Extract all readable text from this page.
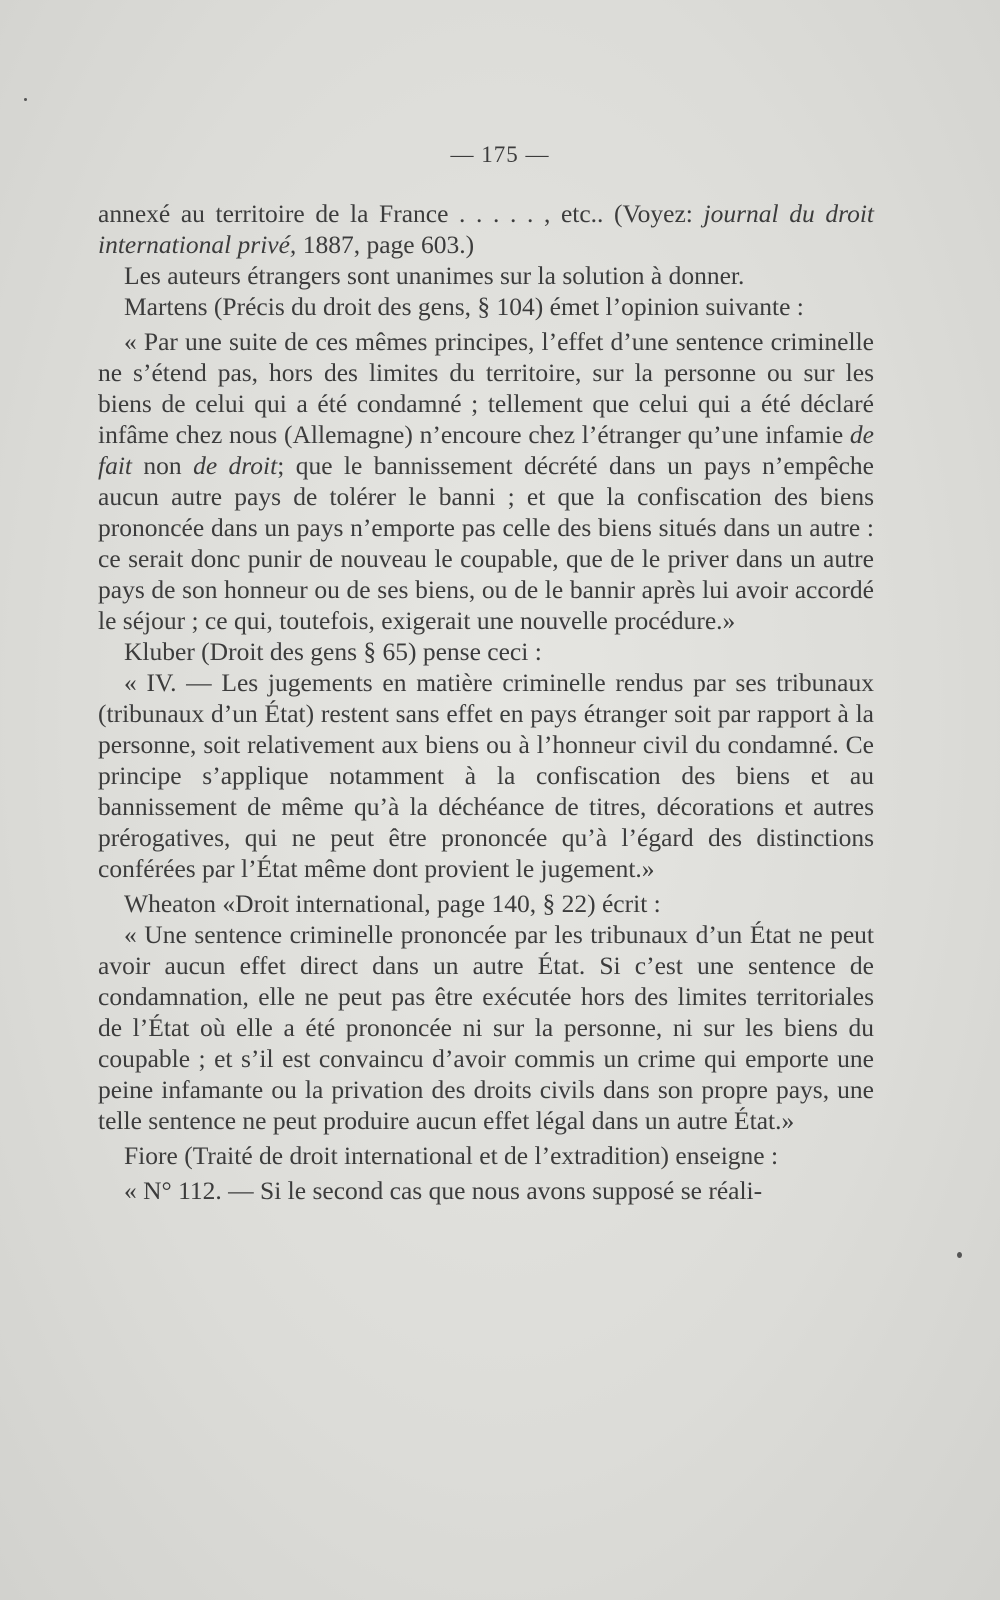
— 175 —

annexé au territoire de la France . . . . . , etc.. (Voyez: journal du droit international privé, 1887, page 603.)

Les auteurs étrangers sont unanimes sur la solution à donner.

Martens (Précis du droit des gens, § 104) émet l’opinion suivante :

« Par une suite de ces mêmes principes, l’effet d’une sentence criminelle ne s’étend pas, hors des limites du territoire, sur la personne ou sur les biens de celui qui a été condamné ; tellement que celui qui a été déclaré infâme chez nous (Allemagne) n’encoure chez l’étranger qu’une infamie de fait non de droit; que le bannissement décrété dans un pays n’empêche aucun autre pays de tolérer le banni ; et que la confiscation des biens prononcée dans un pays n’emporte pas celle des biens situés dans un autre : ce serait donc punir de nouveau le coupable, que de le priver dans un autre pays de son honneur ou de ses biens, ou de le bannir après lui avoir accordé le séjour ; ce qui, toutefois, exigerait une nouvelle procédure.»

Kluber (Droit des gens § 65) pense ceci :

« IV. — Les jugements en matière criminelle rendus par ses tribunaux (tribunaux d’un État) restent sans effet en pays étranger soit par rapport à la personne, soit relativement aux biens ou à l’honneur civil du condamné. Ce principe s’applique notamment à la confiscation des biens et au bannissement de même qu’à la déchéance de titres, décorations et autres prérogatives, qui ne peut être prononcée qu’à l’égard des distinctions conférées par l’État même dont provient le jugement.»

Wheaton «Droit international, page 140, § 22) écrit :

« Une sentence criminelle prononcée par les tribunaux d’un État ne peut avoir aucun effet direct dans un autre État. Si c’est une sentence de condamnation, elle ne peut pas être exécutée hors des limites territoriales de l’État où elle a été prononcée ni sur la personne, ni sur les biens du coupable ; et s’il est convaincu d’avoir commis un crime qui emporte une peine infamante ou la privation des droits civils dans son propre pays, une telle sentence ne peut produire aucun effet légal dans un autre État.»

Fiore (Traité de droit international et de l’extradition) enseigne :

« N° 112. — Si le second cas que nous avons supposé se réali-
